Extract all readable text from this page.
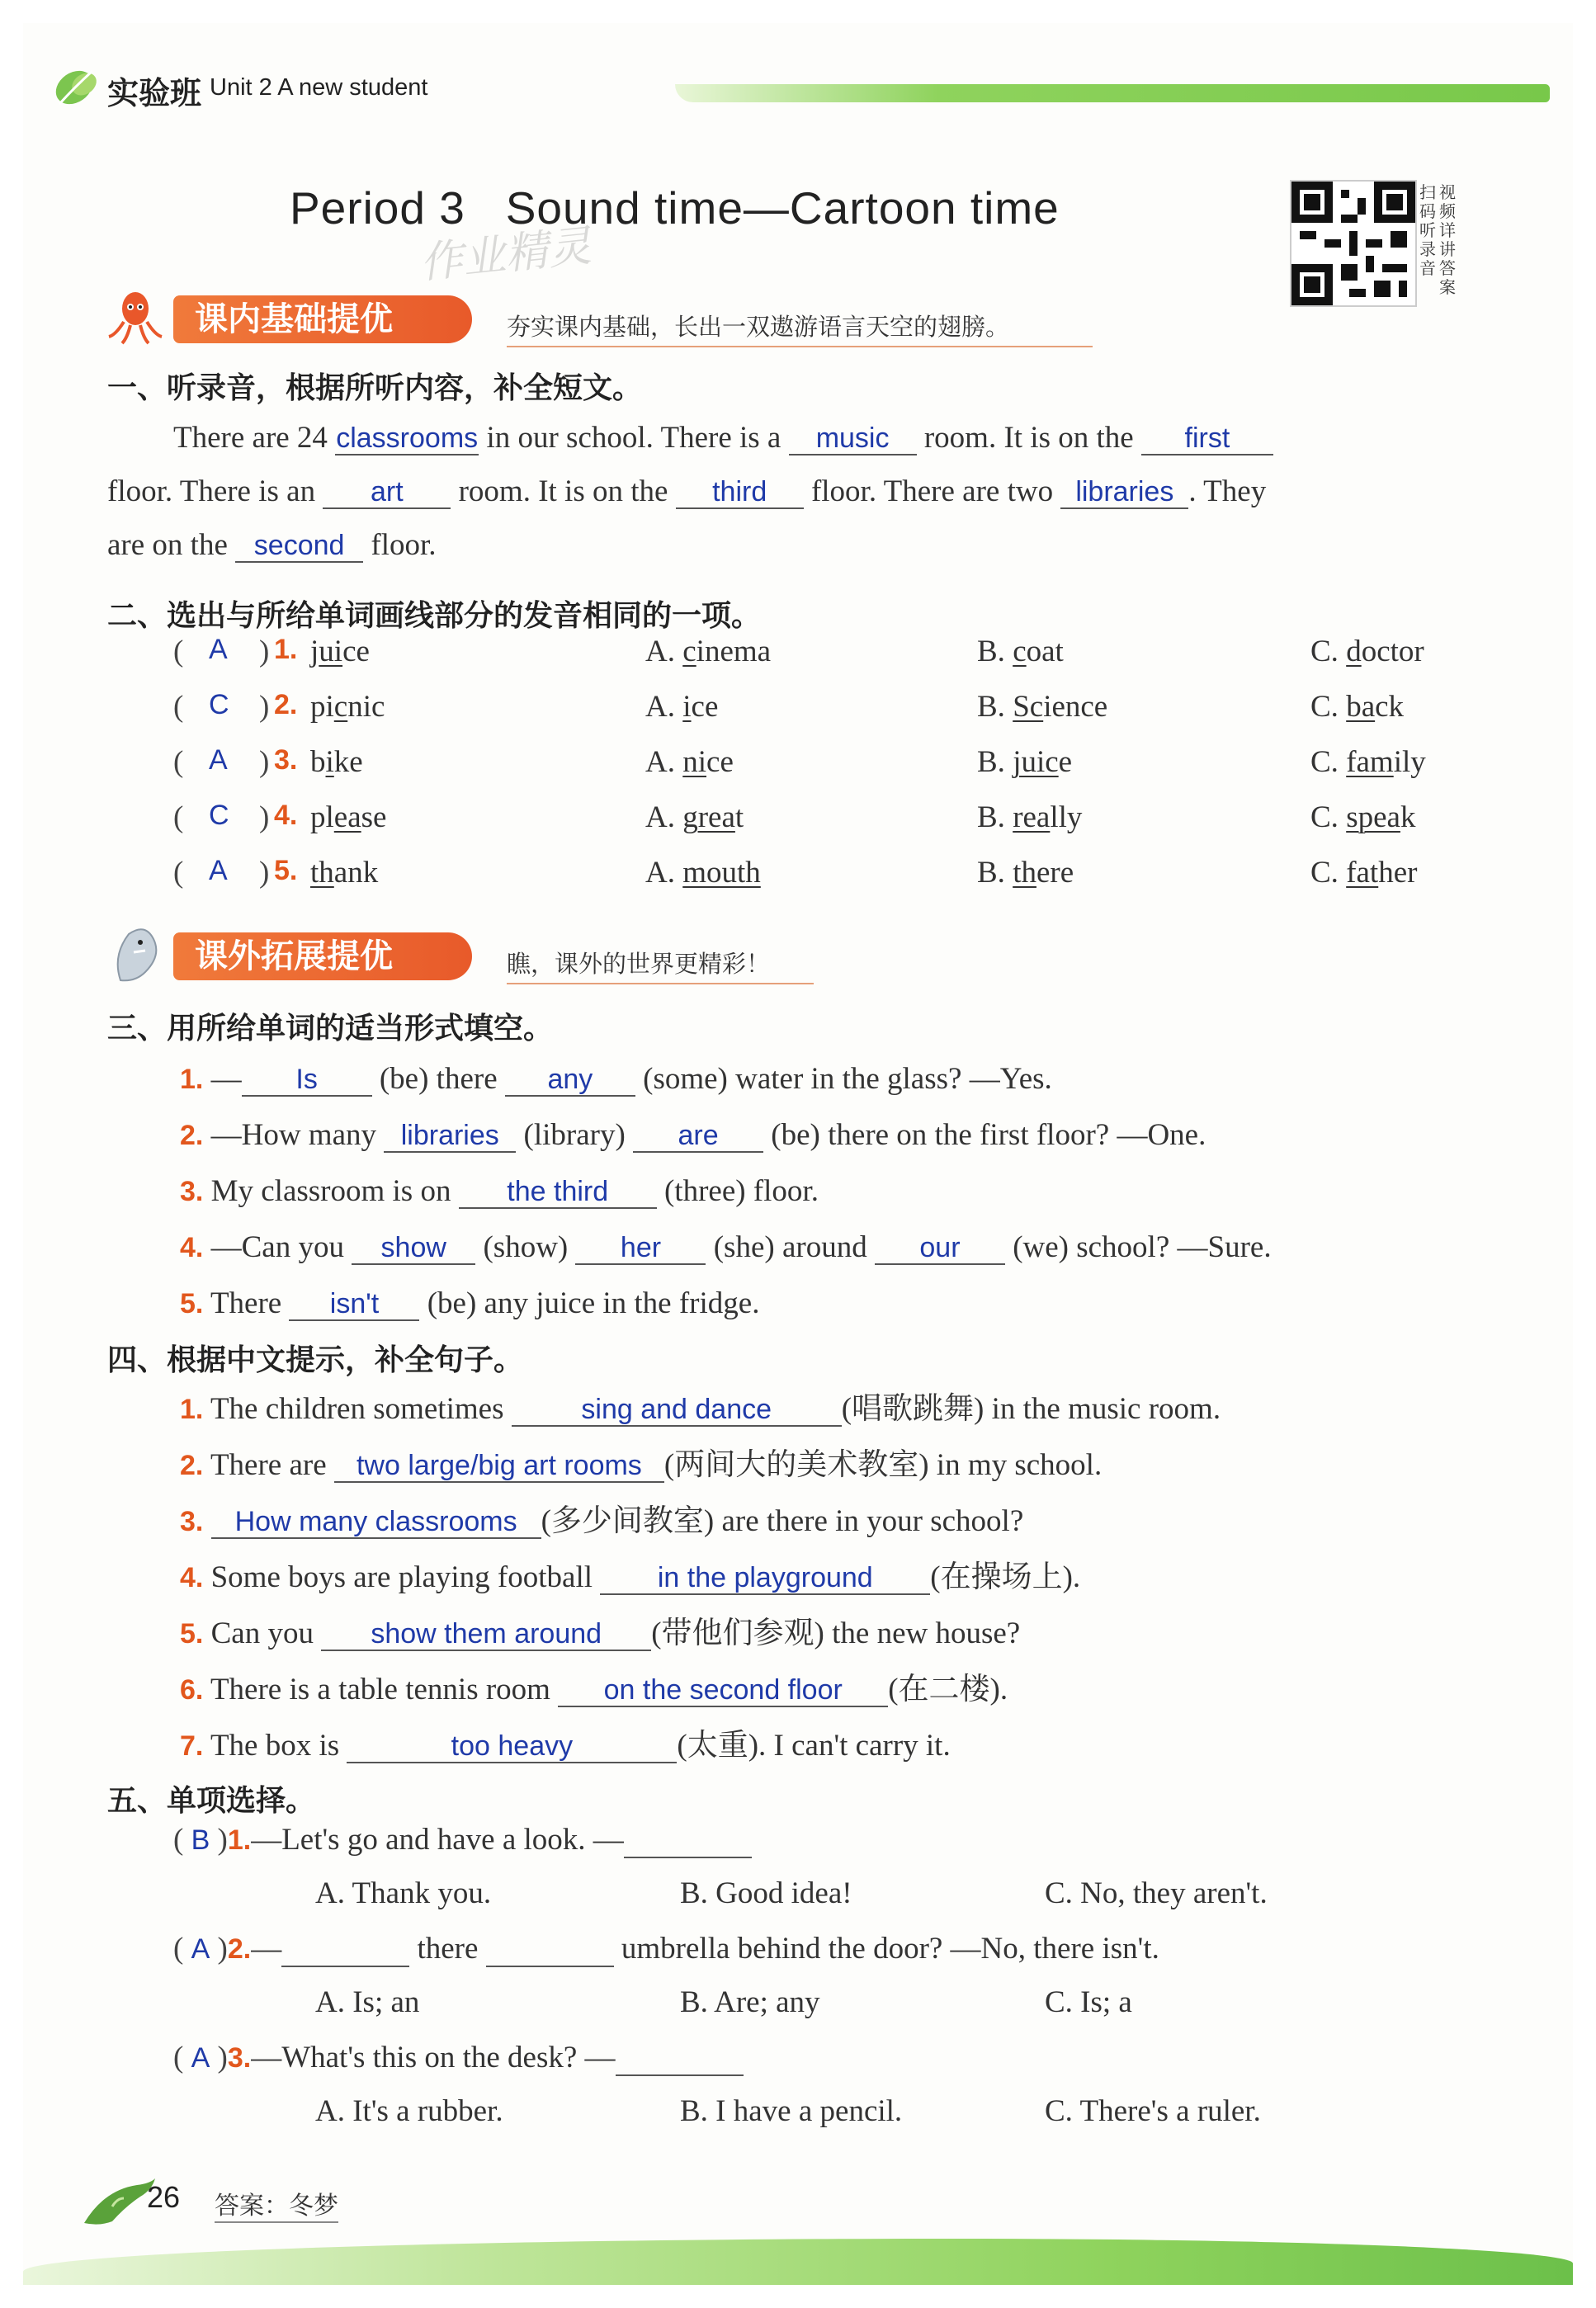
实验班 Unit 2 A new student
Period 3   Sound time—Cartoon time
作业精灵
扫码听录音
视频详讲答案
课内基础提优	夯实课内基础，长出一双遨游语言天空的翅膀。
一、听录音，根据所听内容，补全短文。
There are 24 classrooms in our school. There is a music room. It is on the first
floor. There is an art room. It is on the third floor. There are two libraries . They
are on the second floor.
二、选出与所给单词画线部分的发音相同的一项。
( A ) 1. juice	A. cinema	B. coat	C. doctor
( C ) 2. picnic	A. ice	B. Science	C. back
( A ) 3. bike	A. nice	B. juice	C. family
( C ) 4. please	A. great	B. really	C. speak
( A ) 5. thank	A. mouth	B. there	C. father
课外拓展提优	瞧，课外的世界更精彩！
三、用所给单词的适当形式填空。
1. — Is (be) there any (some) water in the glass? —Yes.
2. —How many libraries (library) are (be) there on the first floor? —One.
3. My classroom is on the third (three) floor.
4. —Can you show (show) her (she) around our (we) school? —Sure.
5. There isn't (be) any juice in the fridge.
四、根据中文提示，补全句子。
1. The children sometimes	sing and dance (唱歌跳舞) in the music room.
2. There are two large/big art rooms (两间大的美术教室) in my school.
3. How many classrooms (多少间教室) are there in your school?
4. Some boys are playing football in the playground (在操场上).
5. Can you show them around (带他们参观) the new house?
6. There is a table tennis room on the second floor (在二楼).
7. The box is	too heavy	(太重). I can't carry it.
五、单项选择。
( B )1.—Let's go and have a look. —
A. Thank you.	B. Good idea!	C. No, they aren't.
( A )2.—	there	umbrella behind the door? —No, there isn't.
A. Is; an	B. Are; any	C. Is; a
( A )3.—What's this on the desk? —
A. It's a rubber.	B. I have a pencil.	C. There's a ruler.
26 答案：冬梦
